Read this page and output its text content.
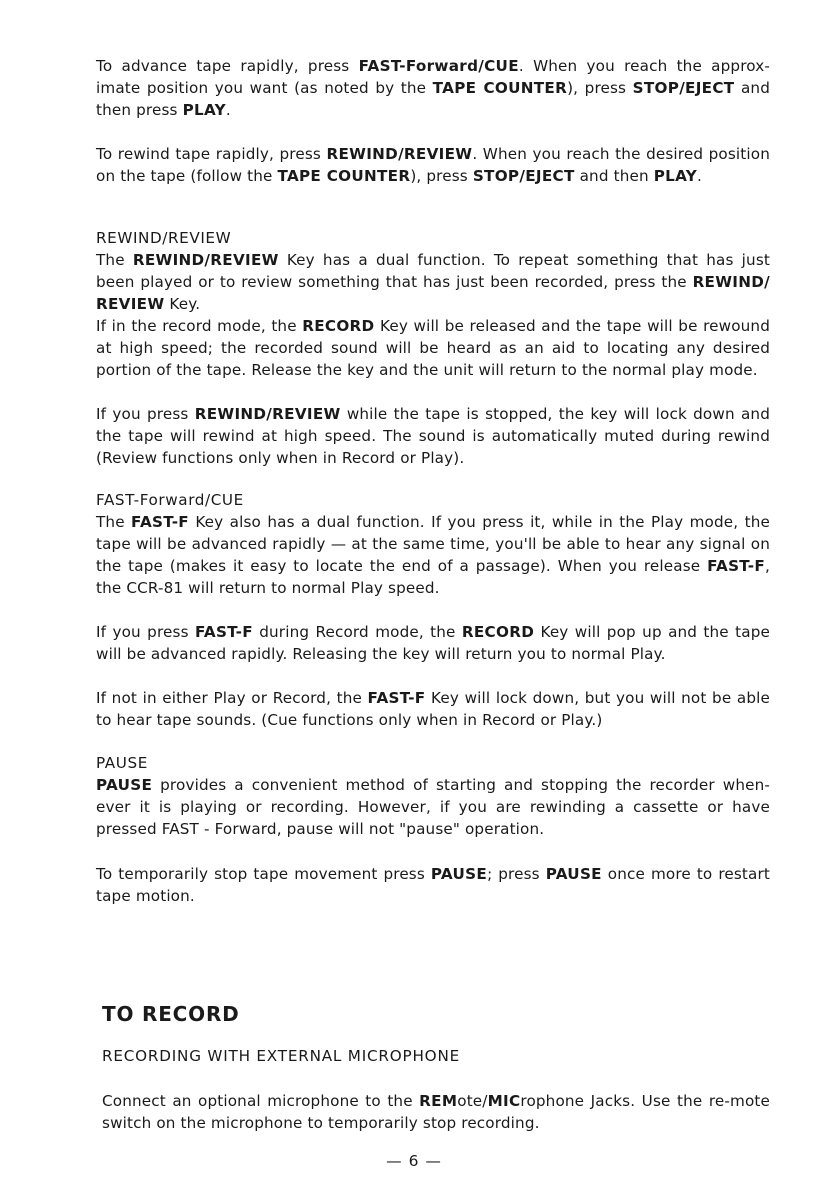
To advance tape rapidly, press FAST-Forward/CUE. When you reach the approx-imate position you want (as noted by the TAPE COUNTER), press STOP/EJECT and then press PLAY.

To rewind tape rapidly, press REWIND/REVIEW. When you reach the desired position on the tape (follow the TAPE COUNTER), press STOP/EJECT and then PLAY.

REWIND/REVIEW

The REWIND/REVIEW Key has a dual function. To repeat something that has just been played or to review something that has just been recorded, press the REWIND/ REVIEW Key.

If in the record mode, the RECORD Key will be released and the tape will be rewound at high speed; the recorded sound will be heard as an aid to locating any desired portion of the tape. Release the key and the unit will return to the normal play mode.

If you press REWIND/REVIEW while the tape is stopped, the key will lock down and the tape will rewind at high speed. The sound is automatically muted during rewind (Review functions only when in Record or Play).

FAST-Forward/CUE

The FAST-F Key also has a dual function. If you press it, while in the Play mode, the tape will be advanced rapidly — at the same time, you'll be able to hear any signal on the tape (makes it easy to locate the end of a passage). When you release FAST-F, the CCR-81 will return to normal Play speed.

If you press FAST-F during Record mode, the RECORD Key will pop up and the tape will be advanced rapidly. Releasing the key will return you to normal Play.

If not in either Play or Record, the FAST-F Key will lock down, but you will not be able to hear tape sounds. (Cue functions only when in Record or Play.)

PAUSE

PAUSE provides a convenient method of starting and stopping the recorder when-ever it is playing or recording. However, if you are rewinding a cassette or have pressed FAST - Forward, pause will not "pause" operation.

To temporarily stop tape movement press PAUSE; press PAUSE once more to restart tape motion.

TO RECORD
RECORDING WITH EXTERNAL MICROPHONE

Connect an optional microphone to the REMote/MICrophone Jacks. Use the re-mote switch on the microphone to temporarily stop recording.

— 6 —
